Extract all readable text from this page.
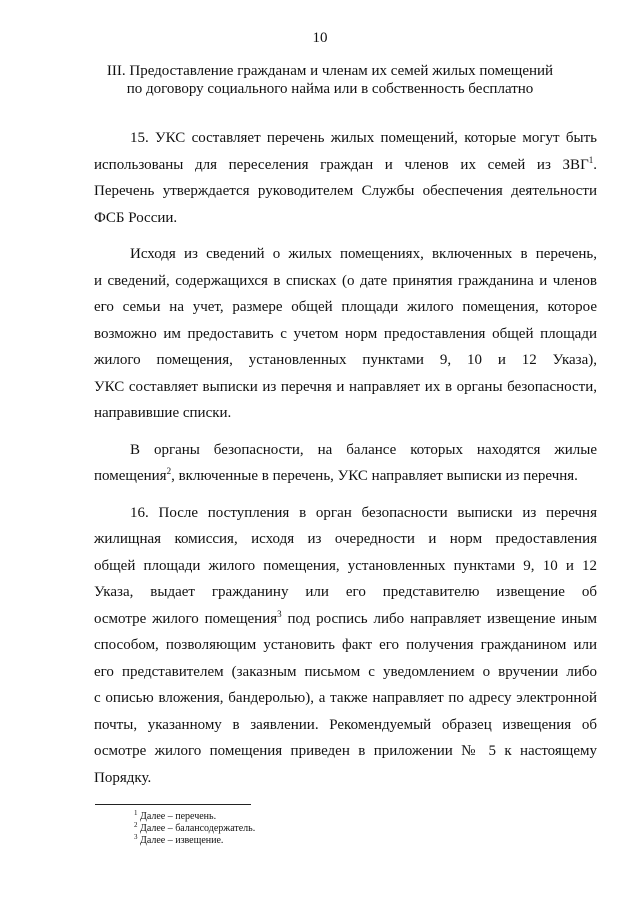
10
III. Предоставление гражданам и членам их семей жилых помещений
по договору социального найма или в собственность бесплатно
15. УКС составляет перечень жилых помещений, которые могут быть
использованы для переселения граждан и членов их семей из ЗВГ$^1$.
Перечень утверждается руководителем Службы обеспечения деятельности
ФСБ России.
Исходя из сведений о жилых помещениях, включенных в перечень,
и сведений, содержащихся в списках (о дате принятия гражданина и членов
его семьи на учет, размере общей площади жилого помещения, которое
возможно им предоставить с учетом норм предоставления общей площади
жилого помещения, установленных пунктами 9, 10 и 12 Указа),
УКС составляет выписки из перечня и направляет их в органы безопасности,
направившие списки.
В органы безопасности, на балансе которых находятся жилые
помещения$^2$, включенные в перечень, УКС направляет выписки из перечня.
16. После поступления в орган безопасности выписки из перечня
жилищная комиссия, исходя из очередности и норм предоставления
общей площади жилого помещения, установленных пунктами 9, 10 и 12
Указа, выдает гражданину или его представителю извещение об
осмотре жилого помещения$^3$ под роспись либо направляет извещение иным
способом, позволяющим установить факт его получения гражданином или
его представителем (заказным письмом с уведомлением о вручении либо
с описью вложения, бандеролью), а также направляет по адресу электронной
почты, указанному в заявлении. Рекомендуемый образец извещения об
осмотре жилого помещения приведен в приложении № 5 к настоящему
Порядку.
$^1$ Далее – перечень.
$^2$ Далее – балансодержатель.
$^3$ Далее – извещение.
